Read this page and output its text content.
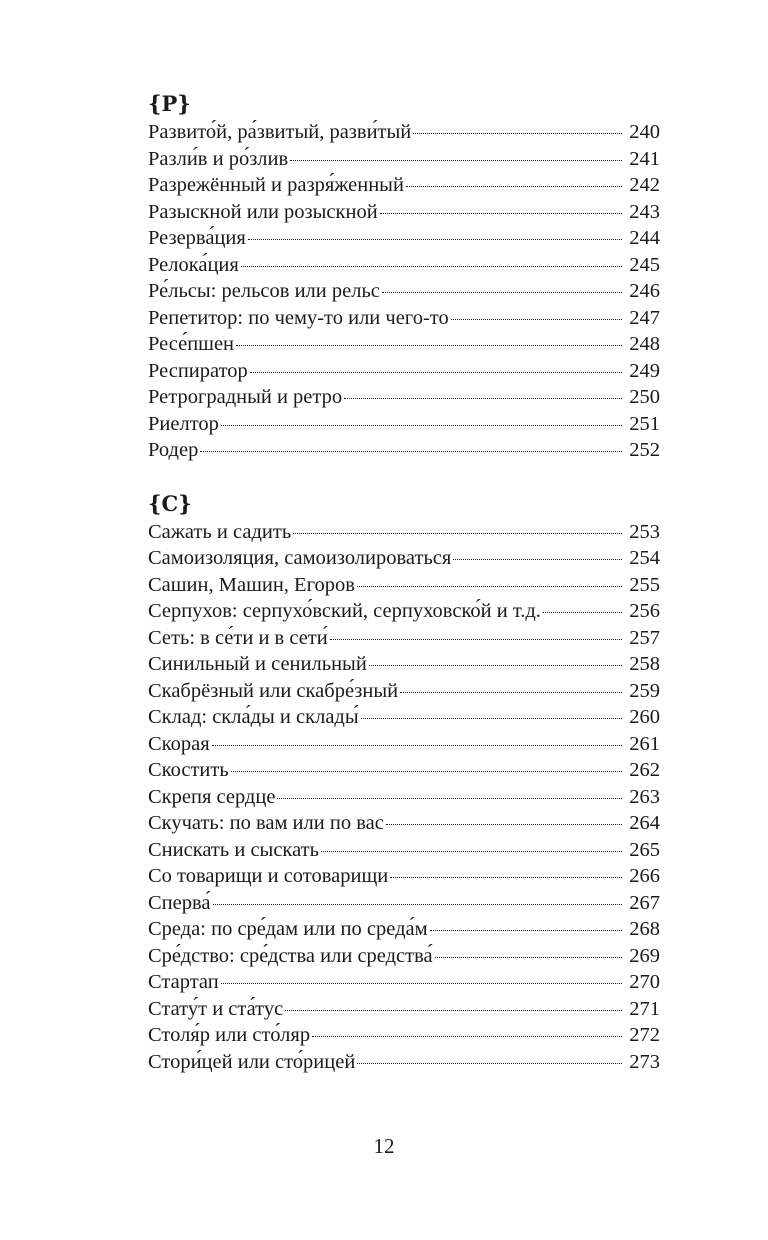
{Р}
Развито́й, ра́звитый, разви́тый	240
Разли́в и ро́злив	241
Разрежённый и разря́женный	242
Разыскной или розыскной	243
Резерва́ция	244
Релока́ция	245
Ре́льсы: рельсов или рельс	246
Репетитор: по чему-то или чего-то	247
Ресе́пшен	248
Респиратор	249
Ретроградный и ретро	250
Риелтор	251
Родер	252
{С}
Сажать и садить	253
Самоизоляция, самоизолироваться	254
Сашин, Машин, Егоров	255
Серпухов: серпухо́вский, серпуховско́й и т.д.	256
Сеть: в се́ти и в сети́	257
Синильный и сенильный	258
Скабрёзный или скабре́зный	259
Склад: скла́ды и склады́	260
Скорая	261
Скостить	262
Скрепя сердце	263
Скучать: по вам или по вас	264
Снискать и сыскать	265
Со товарищи и сотоварищи	266
Сперва́	267
Среда: по сре́дам или по среда́м	268
Сре́дство: сре́дства или средства́	269
Стартап	270
Стату́т и ста́тус	271
Столя́р или сто́ляр	272
Стори́цей или сто́рицей	273

12
